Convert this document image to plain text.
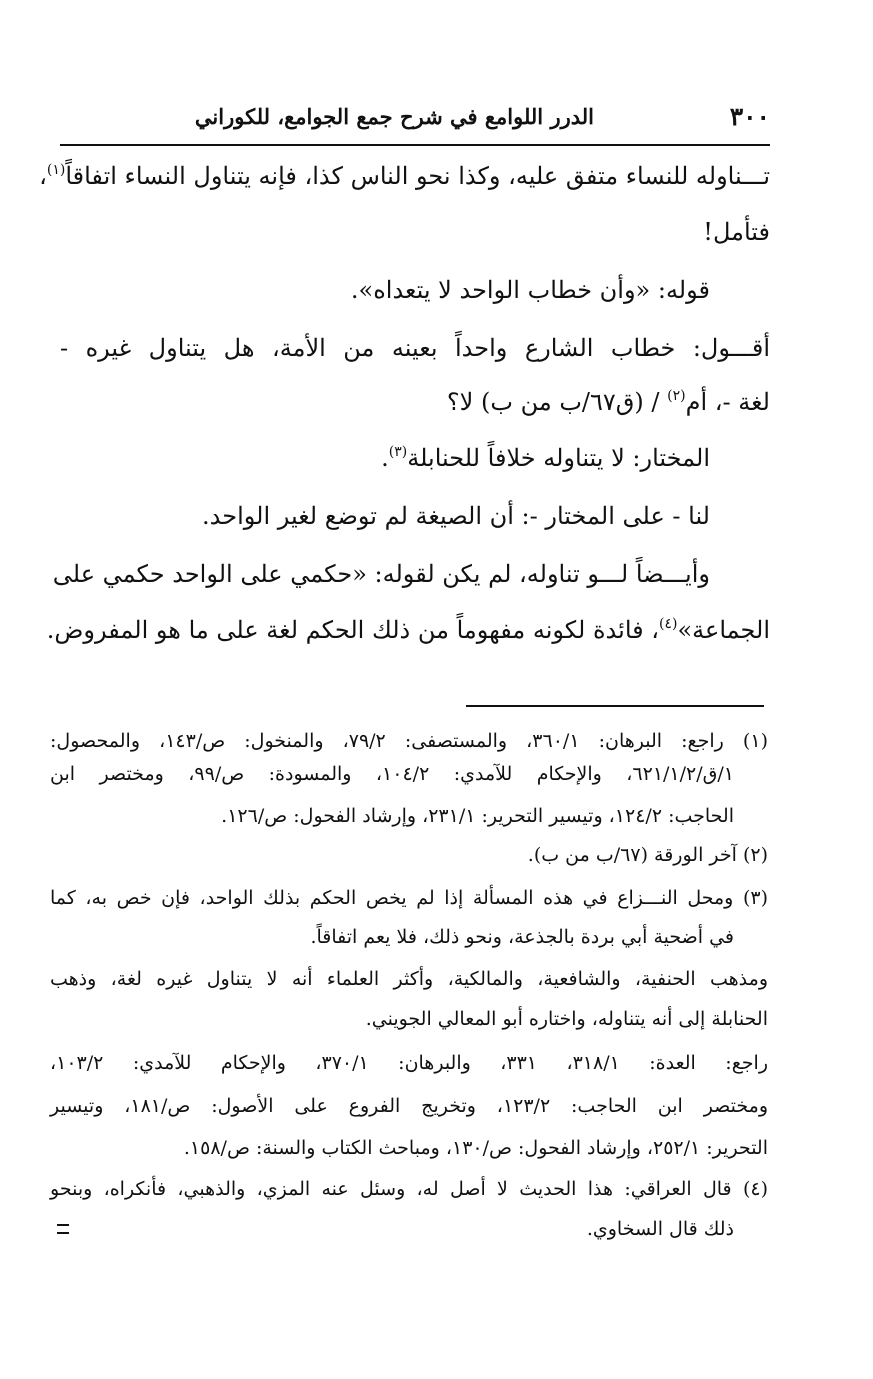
٣٠٠
الدرر اللوامع في شرح جمع الجوامع، للكوراني
تـــناوله للنساء متفق عليه، وكذا نحو الناس كذا، فإنه يتناول النساء اتفاقاً$^{(١)}$،
فتأمل!
قوله: «وأن خطاب الواحد لا يتعداه».
أقـــول: خطاب الشارع واحداً بعينه من الأمة، هل يتناول غيره -
لغة -، أم$^{(٢)}$ / (ق٦٧/ب من ب) لا؟
المختار: لا يتناوله خلافاً للحنابلة$^{(٣)}$.
لنا - على المختار -: أن الصيغة لم توضع لغير الواحد.
وأيـــضاً لـــو تناوله، لم يكن لقوله: «حكمي على الواحد حكمي على
الجماعة»$^{(٤)}$، فائدة لكونه مفهوماً من ذلك الحكم لغة على ما هو المفروض.
(١) راجع: البرهان: ٣٦٠/١، والمستصفى: ٧٩/٢، والمنخول: ص/١٤٣، والمحصول:
١/ق/٦٢١/١/٢، والإحكام للآمدي: ١٠٤/٢، والمسودة: ص/٩٩، ومختصر ابن
الحاجب: ١٢٤/٢، وتيسير التحرير: ٢٣١/١، وإرشاد الفحول: ص/١٢٦.
(٢) آخر الورقة (٦٧/ب من ب).
(٣) ومحل النـــزاع في هذه المسألة إذا لم يخص الحكم بذلك الواحد، فإن خص به، كما
في أضحية أبي بردة بالجذعة، ونحو ذلك، فلا يعم اتفاقاً.
ومذهب الحنفية، والشافعية، والمالكية، وأكثر العلماء أنه لا يتناول غيره لغة، وذهب
الحنابلة إلى أنه يتناوله، واختاره أبو المعالي الجويني.
راجع: العدة: ٣١٨/١، ٣٣١، والبرهان: ٣٧٠/١، والإحكام للآمدي: ١٠٣/٢،
ومختصر ابن الحاجب: ١٢٣/٢، وتخريج الفروع على الأصول: ص/١٨١، وتيسير
التحرير: ٢٥٢/١، وإرشاد الفحول: ص/١٣٠، ومباحث الكتاب والسنة: ص/١٥٨.
(٤) قال العراقي: هذا الحديث لا أصل له، وسئل عنه المزي، والذهبي، فأنكراه، وبنحو
ذلك قال السخاوي.
